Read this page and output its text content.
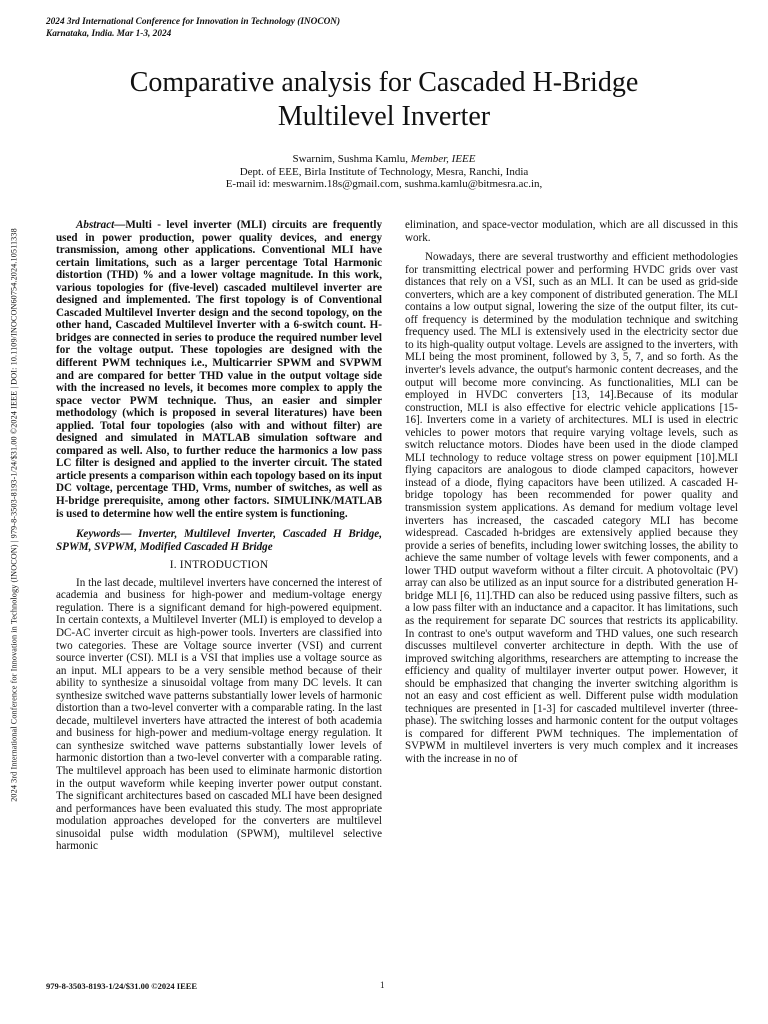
2024 3rd International Conference for Innovation in Technology (INOCON)
Karnataka, India. Mar 1-3, 2024
Comparative analysis for Cascaded H-Bridge
Multilevel Inverter
Swarnim, Sushma Kamlu, Member, IEEE
Dept. of EEE, Birla Institute of Technology, Mesra, Ranchi, India
E-mail id: meswarnim.18s@gmail.com, sushma.kamlu@bitmesra.ac.in,
2024 3rd International Conference for Innovation in Technology (INOCON) | 979-8-3503-8193-1/24/$31.00 ©2024 IEEE | DOI: 10.1109/INOCON60754.2024.10511338

Abstract—Multi - level inverter (MLI) circuits are frequently used in power production, power quality devices, and energy transmission, among other applications. Conventional MLI have certain limitations, such as a larger percentage Total Harmonic distortion (THD) % and a lower voltage magnitude. In this work, various topologies for (five-level) cascaded multilevel inverter are designed and implemented. The first topology is of Conventional Cascaded Multilevel Inverter design and the second topology, on the other hand, Cascaded Multilevel Inverter with a 6-switch count. H-bridges are connected in series to produce the required number level for the voltage output. These topologies are designed with the different PWM techniques i.e., Multicarrier SPWM and SVPWM and are compared for better THD value in the output voltage side with the increased no levels, it becomes more complex to apply the space vector PWM technique. Thus, an easier and simpler methodology (which is proposed in several literatures) have been applied. Total four topologies (also with and without filter) are designed and simulated in MATLAB simulation software and compared as well. Also, to further reduce the harmonics a low pass LC filter is designed and applied to the inverter circuit. The stated article presents a comparison within each topology based on its input DC voltage, percentage THD, Vrms, number of switches, as well as H-bridge prerequisite, among other factors. SIMULINK/MATLAB is used to determine how well the entire system is functioning.

Keywords— Inverter, Multilevel Inverter, Cascaded H Bridge, SPWM, SVPWM, Modified Cascaded H Bridge

I. INTRODUCTION

In the last decade, multilevel inverters have concerned the interest of academia and business for high-power and medium-voltage energy regulation. There is a significant demand for high-powered equipment. In certain contexts, a Multilevel Inverter (MLI) is employed to develop a DC-AC inverter circuit as high-power tools. Inverters are classified into two categories. These are Voltage source inverter (VSI) and current source inverter (CSI). MLI is a VSI that implies use a voltage source as an input. MLI appears to be a very sensible method because of their ability to synthesize a sinusoidal voltage from many DC levels. It can synthesize switched wave patterns substantially lower levels of harmonic distortion than a two-level converter with a comparable rating. In the last decade, multilevel inverters have attracted the interest of both academia and business for high-power and medium-voltage energy regulation. It can synthesize switched wave patterns substantially lower levels of harmonic distortion than a two-level converter with a comparable rating. The multilevel approach has been used to eliminate harmonic distortion in the output waveform while keeping inverter power output constant. The significant architectures based on cascaded MLI have been designed and performances have been evaluated this study. The most appropriate modulation approaches developed for the converters are multilevel sinusoidal pulse width modulation (SPWM), multilevel selective harmonic

elimination, and space-vector modulation, which are all discussed in this work.

Nowadays, there are several trustworthy and efficient methodologies for transmitting electrical power and performing HVDC grids over vast distances that rely on a VSI, such as an MLI. It can be used as grid-side converters, which are a key component of distributed generation. The MLI contains a low output signal, lowering the size of the output filter, its cut-off frequency is determined by the modulation technique and switching frequency used. The MLI is extensively used in the electricity sector due to its high-quality output voltage. Levels are assigned to the inverters, with MLI being the most prominent, followed by 3, 5, 7, and so forth. As the inverter's levels advance, the output's harmonic content decreases, and the output will become more convincing. As functionalities, MLI can be employed in HVDC converters [13, 14].Because of its modular construction, MLI is also effective for electric vehicle applications [15-16]. Inverters come in a variety of architectures. MLI is used in electric vehicles to power motors that require varying voltage levels, such as switch reluctance motors. Diodes have been used in the diode clamped MLI technology to reduce voltage stress on power equipment [10].MLI flying capacitors are analogous to diode clamped capacitors, however instead of a diode, flying capacitors have been utilized. A cascaded H-bridge topology has been recommended for power quality and transmission system applications. As demand for medium voltage level inverters has increased, the cascaded category MLI has become widespread. Cascaded h-bridges are extensively applied because they provide a series of benefits, including lower switching losses, the ability to achieve the same number of voltage levels with fewer components, and a lower THD output waveform without a filter circuit. A photovoltaic (PV) array can also be utilized as an input source for a distributed generation H-bridge MLI [6, 11].THD can also be reduced using passive filters, such as a low pass filter with an inductance and a capacitor. It has limitations, such as the requirement for separate DC sources that restricts its applicability. In contrast to one's output waveform and THD values, one such research discusses multilevel converter architecture in depth. With the use of improved switching algorithms, researchers are attempting to increase the efficiency and quality of multilayer inverter output power. However, it should be emphasized that changing the inverter switching algorithm is not an easy and cost efficient as well. Different pulse width modulation techniques are presented in [1-3] for cascaded multilevel inverter (three- phase). The switching losses and harmonic content for the output voltages is compared for different PWM techniques. The implementation of SVPWM in multilevel inverters is very much complex and it increases with the increase in no of

979-8-3503-8193-1/24/$31.00 ©2024 IEEE	1
